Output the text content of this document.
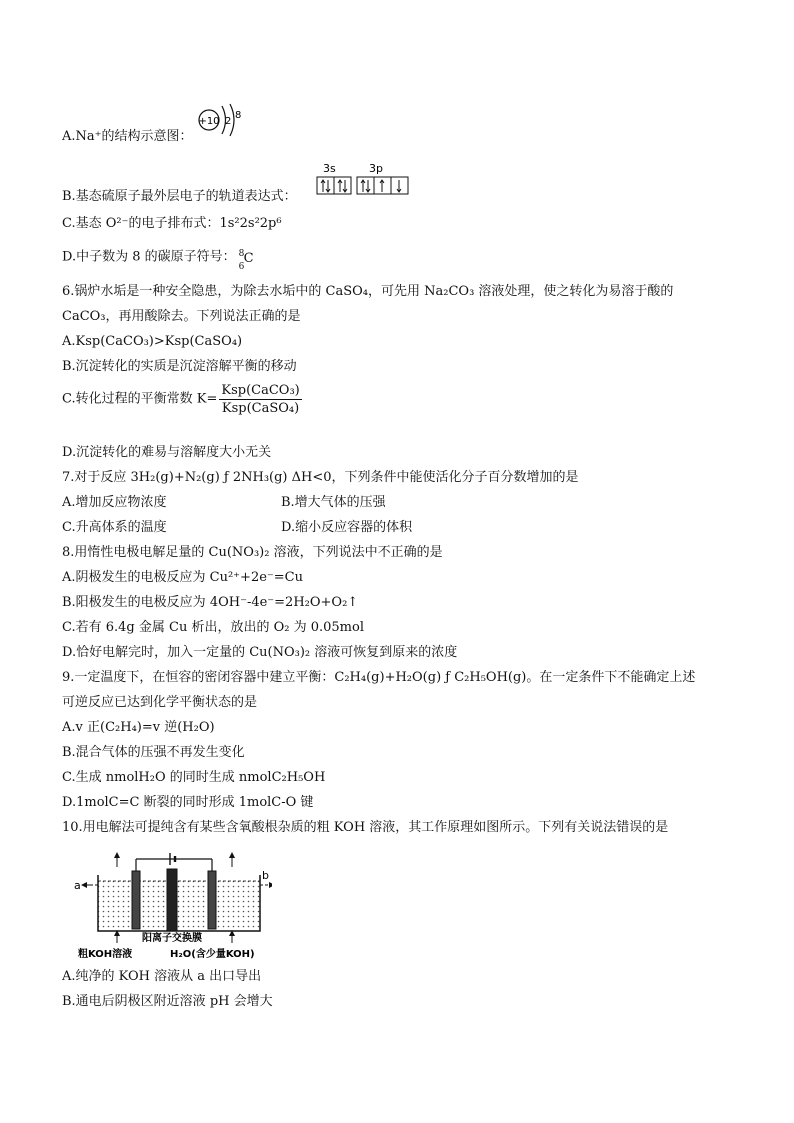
A.Na⁺的结构示意图：
+10 2
8
B.基态硫原子最外层电子的轨道表达式：
3s	3p
C.基态 O²⁻的电子排布式：1s²2s²2p⁶
D.中子数为 8 的碳原子符号： 8
6
C
6.锅炉水垢是一种安全隐患，为除去水垢中的 CaSO₄，可先用 Na₂CO₃ 溶液处理，使之转化为易溶于酸的
CaCO₃，再用酸除去。下列说法正确的是
A.Ksp(CaCO₃)>Ksp(CaSO₄)
B.沉淀转化的实质是沉淀溶解平衡的移动
C.转化过程的平衡常数 $K= \frac{\text{Ksp(CaCO₃)}}{\text{Ksp(CaSO₄)}}$
D.沉淀转化的难易与溶解度大小无关
7.对于反应 3H₂(g)+N₂(g) ƒ 2NH₃(g) ΔH<0，下列条件中能使活化分子百分数增加的是
A.增加反应物浓度	B.增大气体的压强
C.升高体系的温度	D.缩小反应容器的体积
8.用惰性电极电解足量的 Cu(NO₃)₂ 溶液，下列说法中不正确的是
A.阴极发生的电极反应为 Cu²⁺+2e⁻=Cu
B.阳极发生的电极反应为 4OH⁻-4e⁻=2H₂O+O₂↑
C.若有 6.4g 金属 Cu 析出，放出的 O₂ 为 0.05mol
D.恰好电解完时，加入一定量的 Cu(NO₃)₂ 溶液可恢复到原来的浓度
9.一定温度下，在恒容的密闭容器中建立平衡：C₂H₄(g)+H₂O(g) ƒ C₂H₅OH(g)。在一定条件下不能确定上述
可逆反应已达到化学平衡状态的是
A.v 正(C₂H₄)=v 逆(H₂O)
B.混合气体的压强不再发生变化
C.生成 nmolH₂O 的同时生成 nmolC₂H₅OH
D.1molC=C 断裂的同时形成 1molC-O 键
10.用电解法可提纯含有某些含氧酸根杂质的粗 KOH 溶液，其工作原理如图所示。下列有关说法错误的是
a
b
阳离子交换膜
粗KOH溶液	H₂O(含少量KOH)
A.纯净的 KOH 溶液从 a 出口导出
B.通电后阴极区附近溶液 pH 会增大
